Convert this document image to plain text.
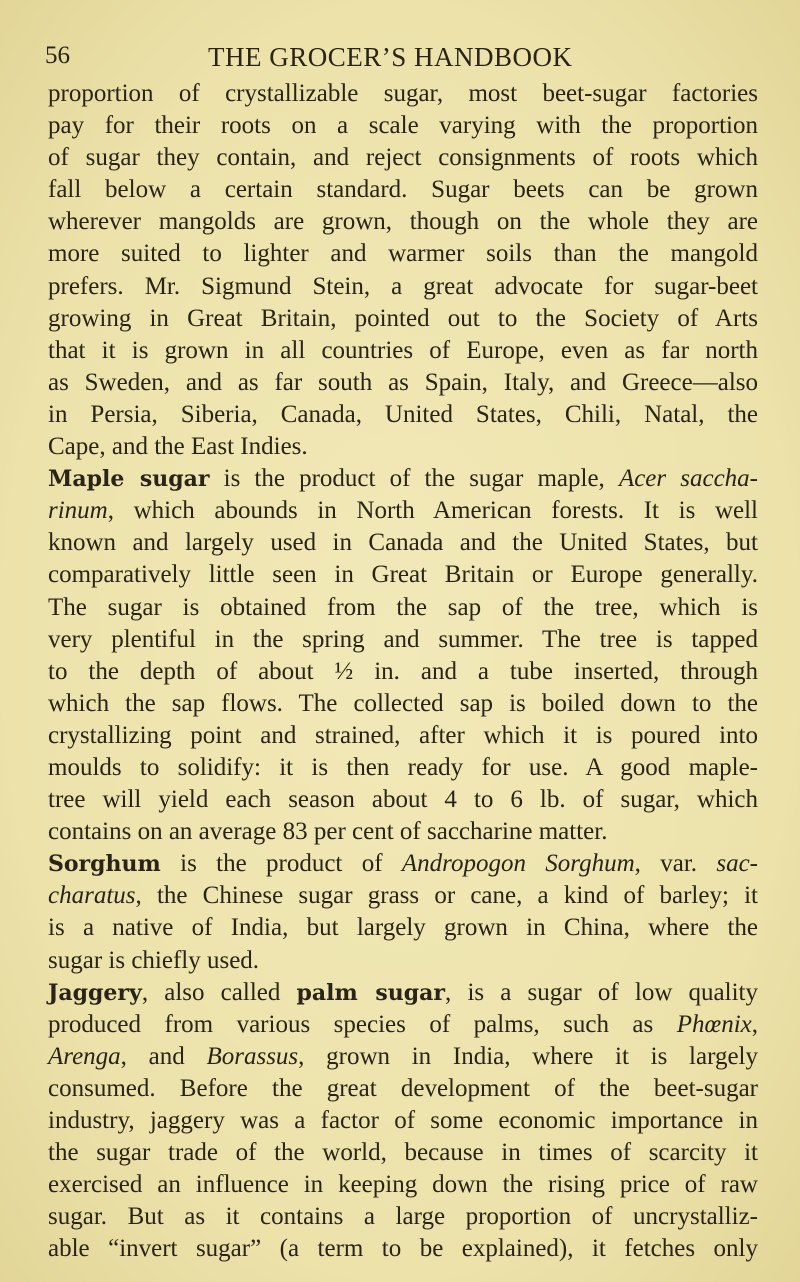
56	THE GROCER’S HANDBOOK
proportion of crystallizable sugar, most beet-sugar factories
pay for their roots on a scale varying with the proportion
of sugar they contain, and reject consignments of roots which
fall below a certain standard. Sugar beets can be grown
wherever mangolds are grown, though on the whole they are
more suited to lighter and warmer soils than the mangold
prefers. Mr. Sigmund Stein, a great advocate for sugar-beet
growing in Great Britain, pointed out to the Society of Arts
that it is grown in all countries of Europe, even as far north
as Sweden, and as far south as Spain, Italy, and Greece—also
in Persia, Siberia, Canada, United States, Chili, Natal, the
Cape, and the East Indies.
Maple sugar is the product of the sugar maple, Acer saccha-
rinum, which abounds in North American forests. It is well
known and largely used in Canada and the United States, but
comparatively little seen in Great Britain or Europe generally.
The sugar is obtained from the sap of the tree, which is
very plentiful in the spring and summer. The tree is tapped
to the depth of about ½ in. and a tube inserted, through
which the sap flows. The collected sap is boiled down to the
crystallizing point and strained, after which it is poured into
moulds to solidify: it is then ready for use. A good maple-
tree will yield each season about 4 to 6 lb. of sugar, which
contains on an average 83 per cent of saccharine matter.
Sorghum is the product of Andropogon Sorghum, var. sac-
charatus, the Chinese sugar grass or cane, a kind of barley; it
is a native of India, but largely grown in China, where the
sugar is chiefly used.
Jaggery, also called palm sugar, is a sugar of low quality
produced from various species of palms, such as Phœnix,
Arenga, and Borassus, grown in India, where it is largely
consumed. Before the great development of the beet-sugar
industry, jaggery was a factor of some economic importance in
the sugar trade of the world, because in times of scarcity it
exercised an influence in keeping down the rising price of raw
sugar. But as it contains a large proportion of uncrystalliz-
able “invert sugar” (a term to be explained), it fetches only
